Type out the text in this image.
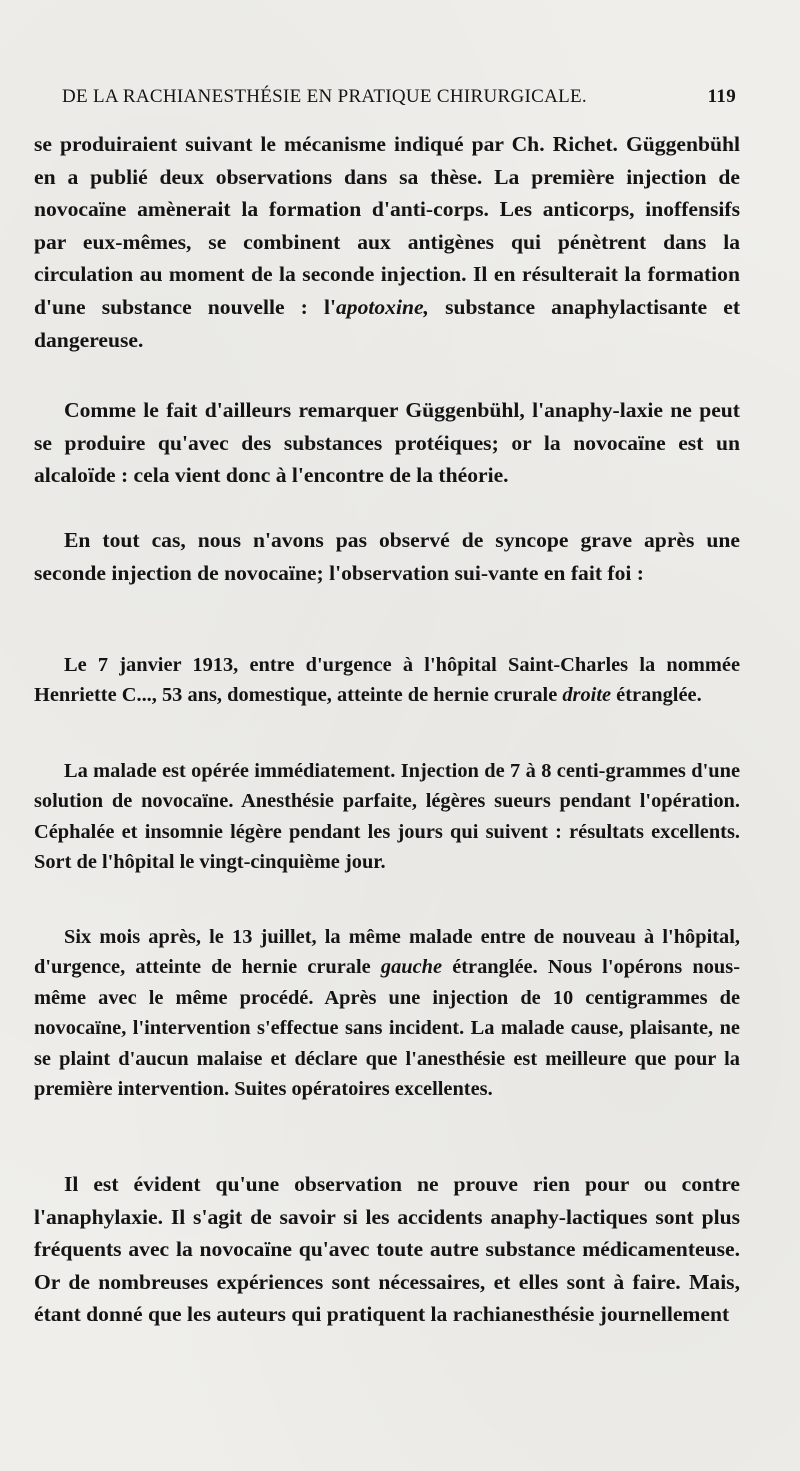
DE LA RACHIANESTHÉSIE EN PRATIQUE CHIRURGICALE.	119

se produiraient suivant le mécanisme indiqué par Ch. Richet. Güggenbühl en a publié deux observations dans sa thèse. La première injection de novocaïne amènerait la formation d'anti-corps. Les anticorps, inoffensifs par eux-mêmes, se combinent aux antigènes qui pénètrent dans la circulation au moment de la seconde injection. Il en résulterait la formation d'une substance nouvelle : l'apotoxine, substance anaphylactisante et dangereuse.

Comme le fait d'ailleurs remarquer Güggenbühl, l'anaphy-laxie ne peut se produire qu'avec des substances protéiques; or la novocaïne est un alcaloïde : cela vient donc à l'encontre de la théorie.

En tout cas, nous n'avons pas observé de syncope grave après une seconde injection de novocaïne; l'observation sui-vante en fait foi :

Le 7 janvier 1913, entre d'urgence à l'hôpital Saint-Charles la nommée Henriette C..., 53 ans, domestique, atteinte de hernie crurale droite étranglée.

La malade est opérée immédiatement. Injection de 7 à 8 centi-grammes d'une solution de novocaïne. Anesthésie parfaite, légères sueurs pendant l'opération. Céphalée et insomnie légère pendant les jours qui suivent : résultats excellents. Sort de l'hôpital le vingt-cinquième jour.

Six mois après, le 13 juillet, la même malade entre de nouveau à l'hôpital, d'urgence, atteinte de hernie crurale gauche étranglée. Nous l'opérons nous-même avec le même procédé. Après une injection de 10 centigrammes de novocaïne, l'intervention s'effectue sans incident. La malade cause, plaisante, ne se plaint d'aucun malaise et déclare que l'anesthésie est meilleure que pour la première intervention. Suites opératoires excellentes.

Il est évident qu'une observation ne prouve rien pour ou contre l'anaphylaxie. Il s'agit de savoir si les accidents anaphy-lactiques sont plus fréquents avec la novocaïne qu'avec toute autre substance médicamenteuse. Or de nombreuses expériences sont nécessaires, et elles sont à faire. Mais, étant donné que les auteurs qui pratiquent la rachianesthésie journellement
